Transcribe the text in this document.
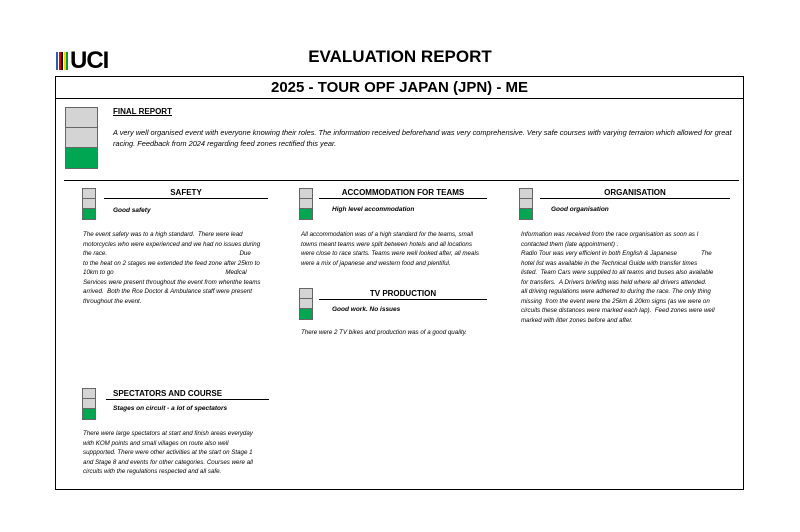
UCI	EVALUATION REPORT
2025 - TOUR OPF JAPAN (JPN) - ME
FINAL REPORT
A very well organised event with everyone knowing their roles. The information received beforehand was very comprehensive. Very safe courses with varying terraion which allowed for great racing. Feedback from 2024 regarding feed zones rectified this year.
SAFETY
Good safety
The event safety was to a high standard.  There were lead
motorcycles who were experienced and we had no issues during
the race.                                                                             Due
to the heat on 2 stages we extended the feed zone after 25km to
10km to go                                                                 Medical
Services were present throughout the event from whenthe teams
arrived.  Both the Rce Doctor & Ambulance staff were present
throughout the event.
ACCOMMODATION FOR TEAMS
High level accommodation
All accommodation was of a high standard for the teams, small
towns meant teams were split between hotels and all locations
were close to race starts. Teams were well looked after, all meals
were a mix of japanese and western food and plentiful.
ORGANISATION
Good organisation
Information was received from the race organisation as soon as I
contacted them (late appointment) .
Radio Tour was very efficient in both English & Japanese              The
hotel list was available in the Technical Guide with transfer times
listed.  Team Cars were supplied to all teams and buses also available
for transfers.  A Drivers briefing was held where all drivers attended.
all driving regulations were adhered to during the race. The only thing
missing  from the event were the 25km & 20km signs (as we were on
circuits these distances were marked each lap).  Feed zones were well
marked with litter zones before and after.
TV PRODUCTION
Good work. No issues
There were 2 TV bikes and production was of a good quality.
SPECTATORS AND COURSE
Stages on circuit - a lot of spectators
There were large spectators at start and finish areas everyday
with KOM points and small villages on route also well
suppported. There were other activities at the start on Stage 1
and Stage 8 and events for other categories. Courses were all
circuits with the regulations respected and all safe.
